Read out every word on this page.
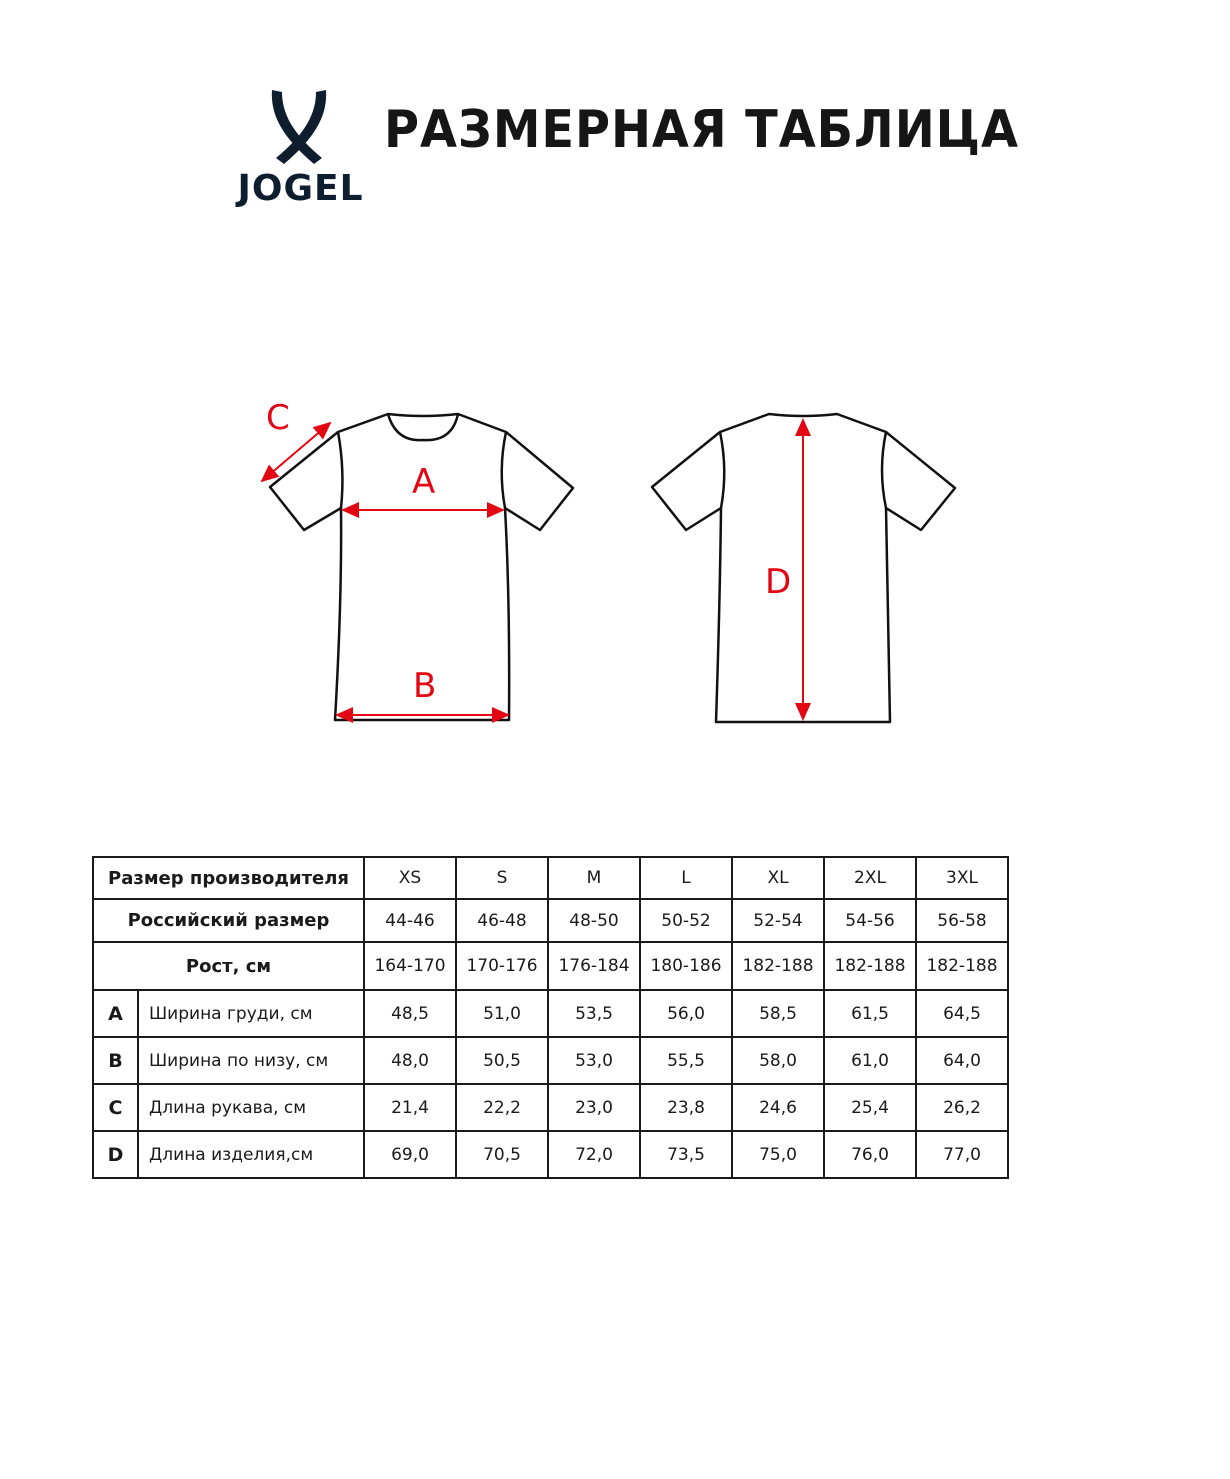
JOGEL
РАЗМЕРНАЯ ТАБЛИЦА
C
A
B
D
Размер производителя		XS	S	M	L	XL	2XL	3XL
Российский размер		44-46	46-48	48-50	50-52	52-54	54-56	56-58
Рост, см		164-170	170-176	176-184	180-186	182-188	182-188	182-188
A	Ширина груди, см	48,5	51,0	53,5	56,0	58,5	61,5	64,5
B	Ширина по низу, см	48,0	50,5	53,0	55,5	58,0	61,0	64,0
C	Длина рукава, см	21,4	22,2	23,0	23,8	24,6	25,4	26,2
D	Длина изделия,см	69,0	70,5	72,0	73,5	75,0	76,0	77,0
